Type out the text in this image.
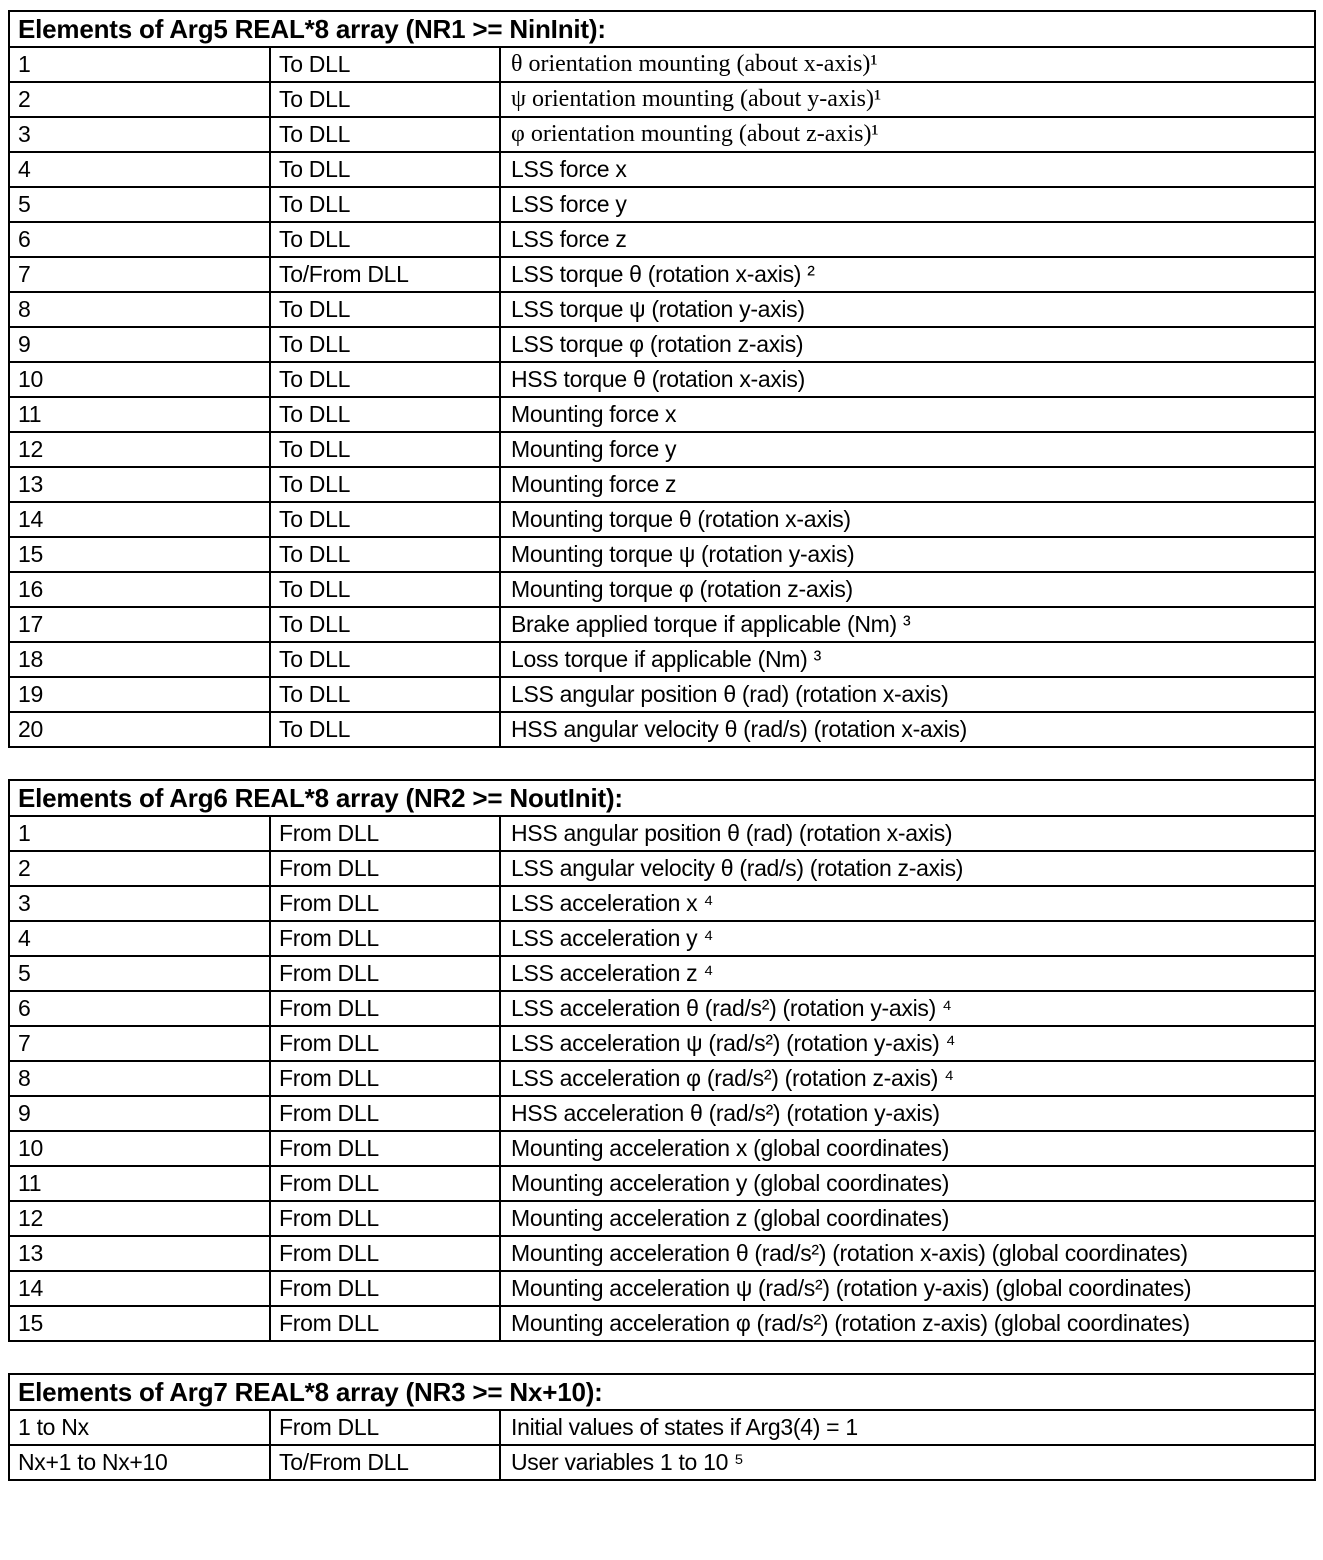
Elements of Arg5 REAL*8 array (NR1 >= NinInit):
1	To DLL	θ orientation mounting (about x-axis)¹
2	To DLL	ψ orientation mounting (about y-axis)¹
3	To DLL	φ orientation mounting (about z-axis)¹
4	To DLL	LSS force x
5	To DLL	LSS force y
6	To DLL	LSS force z
7	To/From DLL	LSS torque θ (rotation x-axis) ²
8	To DLL	LSS torque ψ (rotation y-axis)
9	To DLL	LSS torque φ (rotation z-axis)
10	To DLL	HSS torque θ (rotation x-axis)
11	To DLL	Mounting force x
12	To DLL	Mounting force y
13	To DLL	Mounting force z
14	To DLL	Mounting torque θ (rotation x-axis)
15	To DLL	Mounting torque ψ (rotation y-axis)
16	To DLL	Mounting torque φ (rotation z-axis)
17	To DLL	Brake applied torque if applicable (Nm) ³
18	To DLL	Loss torque if applicable (Nm) ³
19	To DLL	LSS angular position θ (rad) (rotation x-axis)
20	To DLL	HSS angular velocity θ (rad/s) (rotation x-axis)
Elements of Arg6 REAL*8 array (NR2 >= NoutInit):
1	From DLL	HSS angular position θ (rad) (rotation x-axis)
2	From DLL	LSS angular velocity θ (rad/s) (rotation z-axis)
3	From DLL	LSS acceleration x ⁴
4	From DLL	LSS acceleration y ⁴
5	From DLL	LSS acceleration z ⁴
6	From DLL	LSS acceleration θ (rad/s²) (rotation y-axis) ⁴
7	From DLL	LSS acceleration ψ (rad/s²) (rotation y-axis) ⁴
8	From DLL	LSS acceleration φ (rad/s²) (rotation z-axis) ⁴
9	From DLL	HSS acceleration θ (rad/s²) (rotation y-axis)
10	From DLL	Mounting acceleration x (global coordinates)
11	From DLL	Mounting acceleration y (global coordinates)
12	From DLL	Mounting acceleration z (global coordinates)
13	From DLL	Mounting acceleration θ (rad/s²) (rotation x-axis) (global coordinates)
14	From DLL	Mounting acceleration ψ (rad/s²) (rotation y-axis) (global coordinates)
15	From DLL	Mounting acceleration φ (rad/s²) (rotation z-axis) (global coordinates)
Elements of Arg7 REAL*8 array (NR3 >= Nx+10):
1 to Nx	From DLL	Initial values of states if Arg3(4) = 1
Nx+1 to Nx+10	To/From DLL	User variables 1 to 10 ⁵
